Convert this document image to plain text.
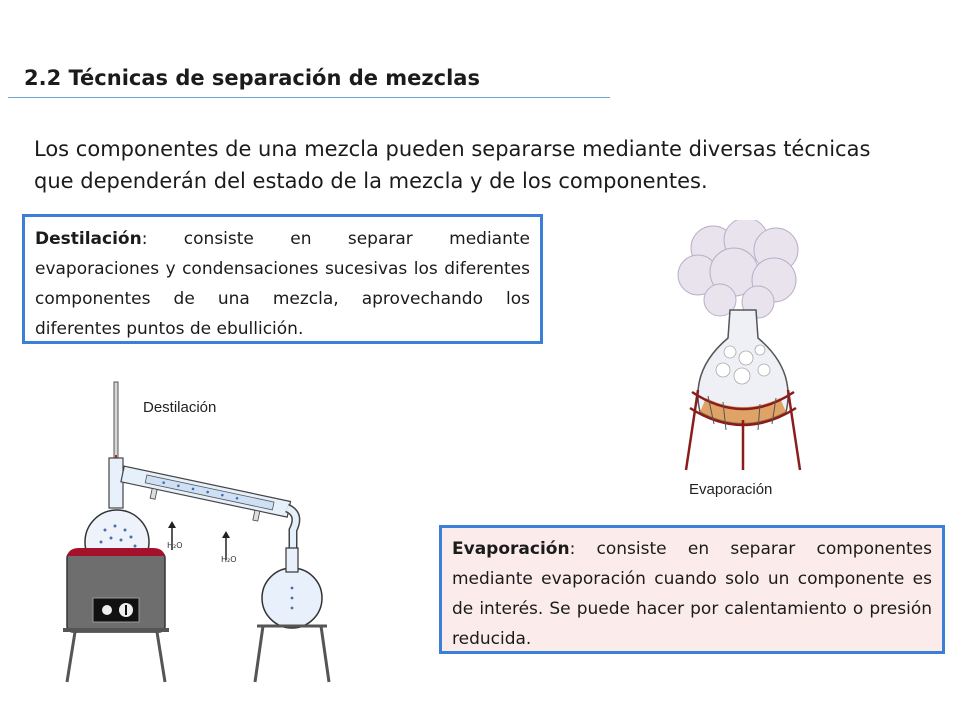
2.2 Técnicas de separación de mezclas

Los componentes de una mezcla pueden separarse mediante diversas técnicas que dependerán del estado de la mezcla y de los componentes.

Destilación: consiste en separar mediante evaporaciones y condensaciones sucesivas los diferentes componentes de una mezcla, aprovechando los diferentes puntos de ebullición.
Destilación
H₂O
H₂O
Evaporación
Evaporación: consiste en separar componentes mediante evaporación cuando solo un componente es de interés. Se puede hacer por calentamiento o presión reducida.
